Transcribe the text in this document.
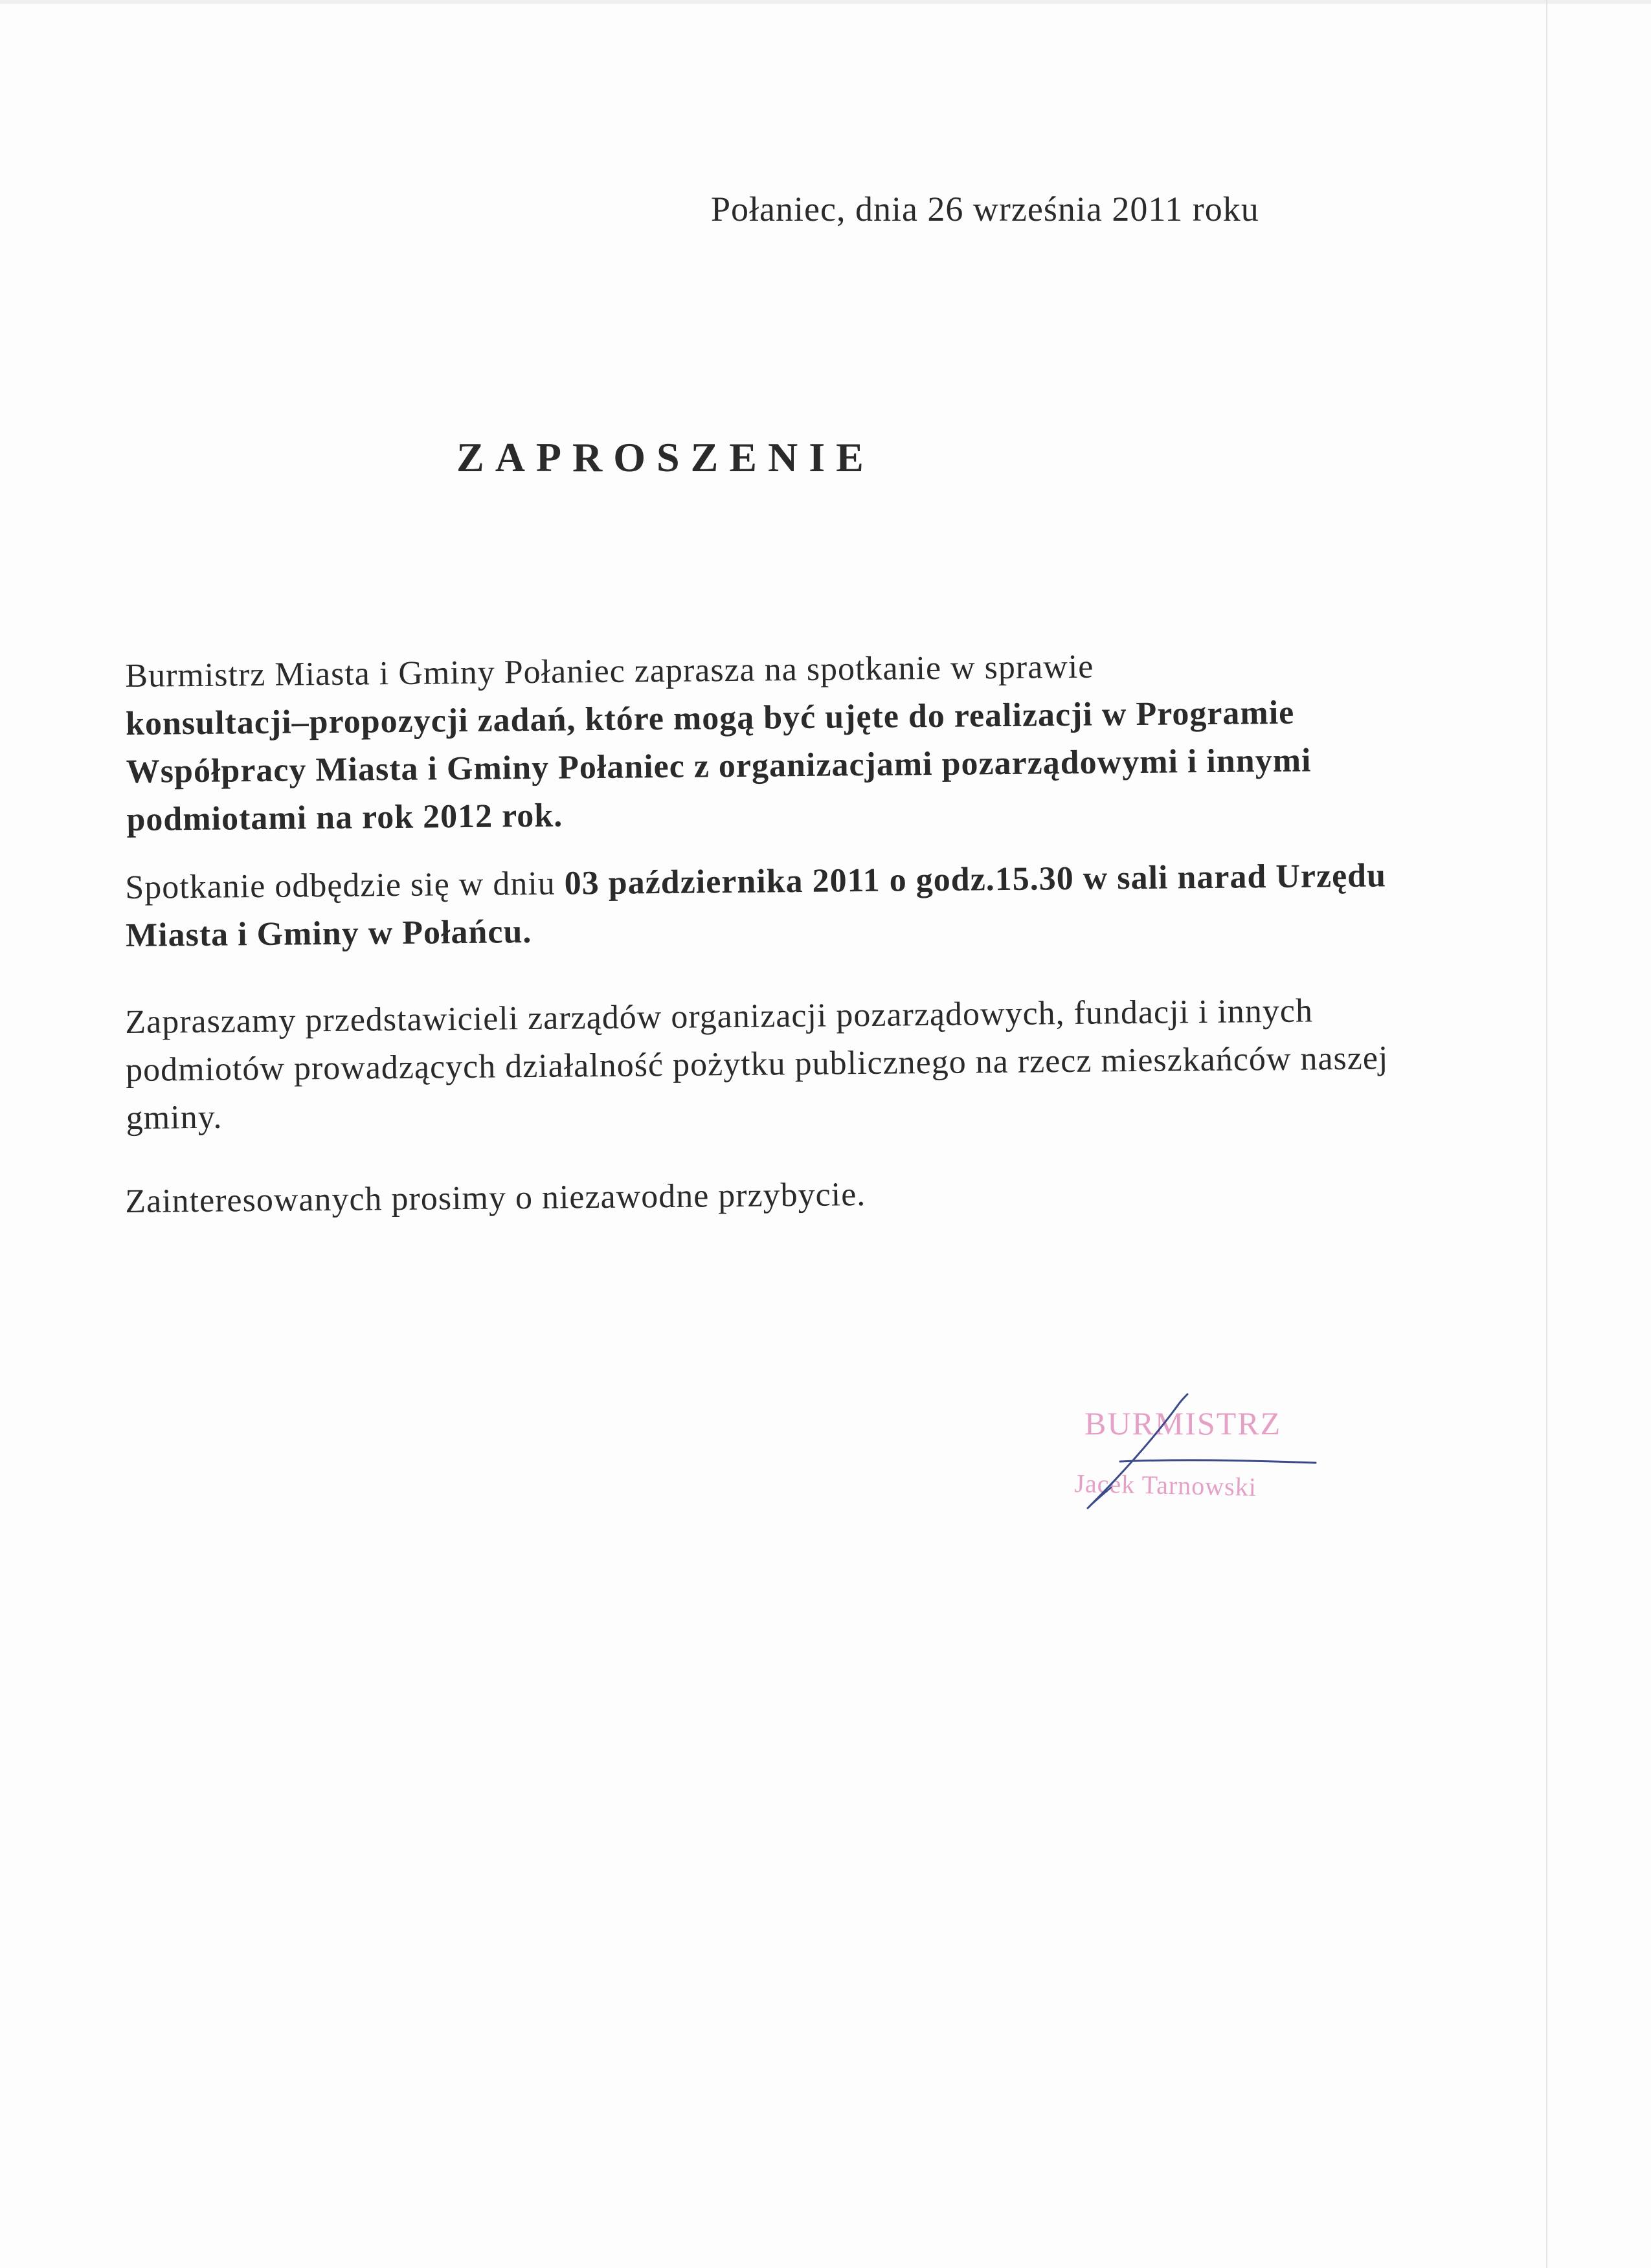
Połaniec, dnia 26 września 2011 roku
ZAPROSZENIE
Burmistrz Miasta i Gminy Połaniec zaprasza na spotkanie w sprawie
konsultacji–propozycji zadań, które mogą być ujęte do realizacji w Programie Współpracy Miasta i Gminy Połaniec z organizacjami pozarządowymi i innymi podmiotami na rok 2012 rok.
Spotkanie odbędzie się w dniu 03 października 2011 o godz.15.30 w sali narad Urzędu Miasta i Gminy w Połańcu.
Zapraszamy przedstawicieli zarządów organizacji pozarządowych, fundacji i innych podmiotów prowadzących działalność pożytku publicznego na rzecz mieszkańców naszej gminy.
Zainteresowanych prosimy o niezawodne przybycie.
BURMISTRZ
Jacek Tarnowski
